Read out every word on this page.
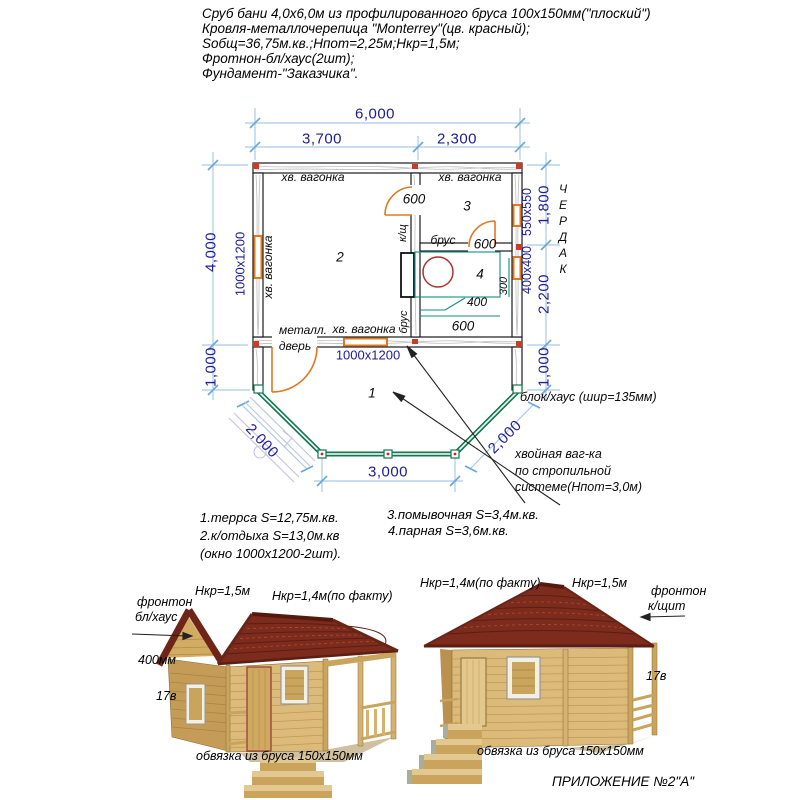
Сруб бани 4,0х6,0м из профилированного бруса 100х150мм("плоский")
Кровля-металлочерепица "Monterrey"(цв. красный);
Sобщ=36,75м.кв.;Нпот=2,25м;Нкр=1,5м;
Фротнон-бл/хаус(2шт);
Фундамент-"Заказчика".
6,000
3,700	2,300
4,000
1,000
1,800
2,200
1,000
3,000
2,000	2,000
1000х1200
1000х1200
550х550
400х400
хв. вагонка	хв. вагонка
хв. вагонка
хв. вагонка
металл.
дверь
к/щ брус
брус
600
600
600
400
300
1
2
3
4	ЧЕРДАК
блок/хаус (шир=135мм)
хвойная ваг-ка
по стропильной
системе(Нпот=3,0м)
1.террса S=12,75м.кв.
2.к/отдыха S=13,0м.кв
(окно 1000х1200-2шт).
3.помывочная S=3,4м.кв.
4.парная S=3,6м.кв.
фронтон
бл/хаус
Нкр=1,5м Нкр=1,4м(по факту)
400мм
17в
обвязка из бруса 150х150мм
Нкр=1,4м(по факту)	Нкр=1,5м
фронтон
к/щит
17в
обвязка из бруса 150х150мм
ПРИЛОЖЕНИЕ №2"А"
